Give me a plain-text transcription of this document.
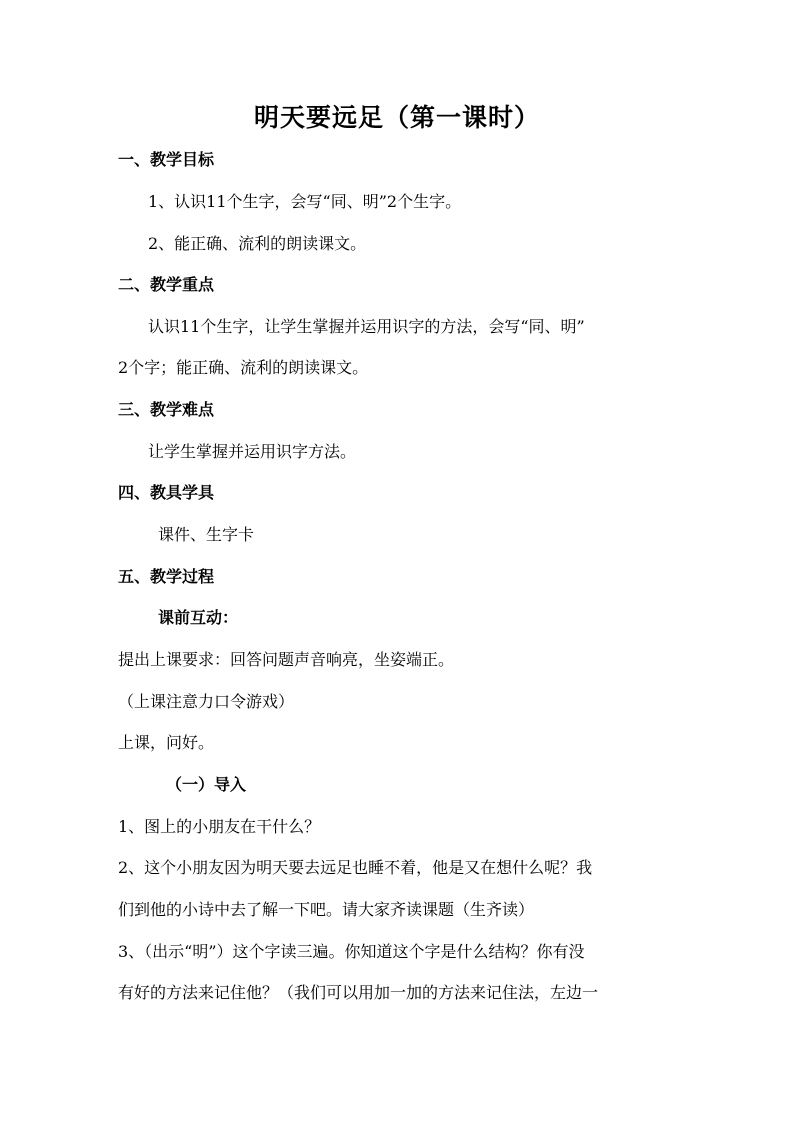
明天要远足（第一课时）
一、教学目标
1、认识11个生字，会写“同、明”2个生字。
2、能正确、流利的朗读课文。
二、教学重点
认识11个生字，让学生掌握并运用识字的方法，会写“同、明”
2个字；能正确、流利的朗读课文。
三、教学难点
让学生掌握并运用识字方法。
四、教具学具
课件、生字卡
五、教学过程
课前互动：
提出上课要求：回答问题声音响亮，坐姿端正。
（上课注意力口令游戏）
上课，问好。
（一）导入
1、图上的小朋友在干什么？
2、这个小朋友因为明天要去远足也睡不着，他是又在想什么呢？我
们到他的小诗中去了解一下吧。请大家齐读课题（生齐读）
3、（出示“明”）这个字读三遍。你知道这个字是什么结构？你有没
有好的方法来记住他？（我们可以用加一加的方法来记住法，左边一
